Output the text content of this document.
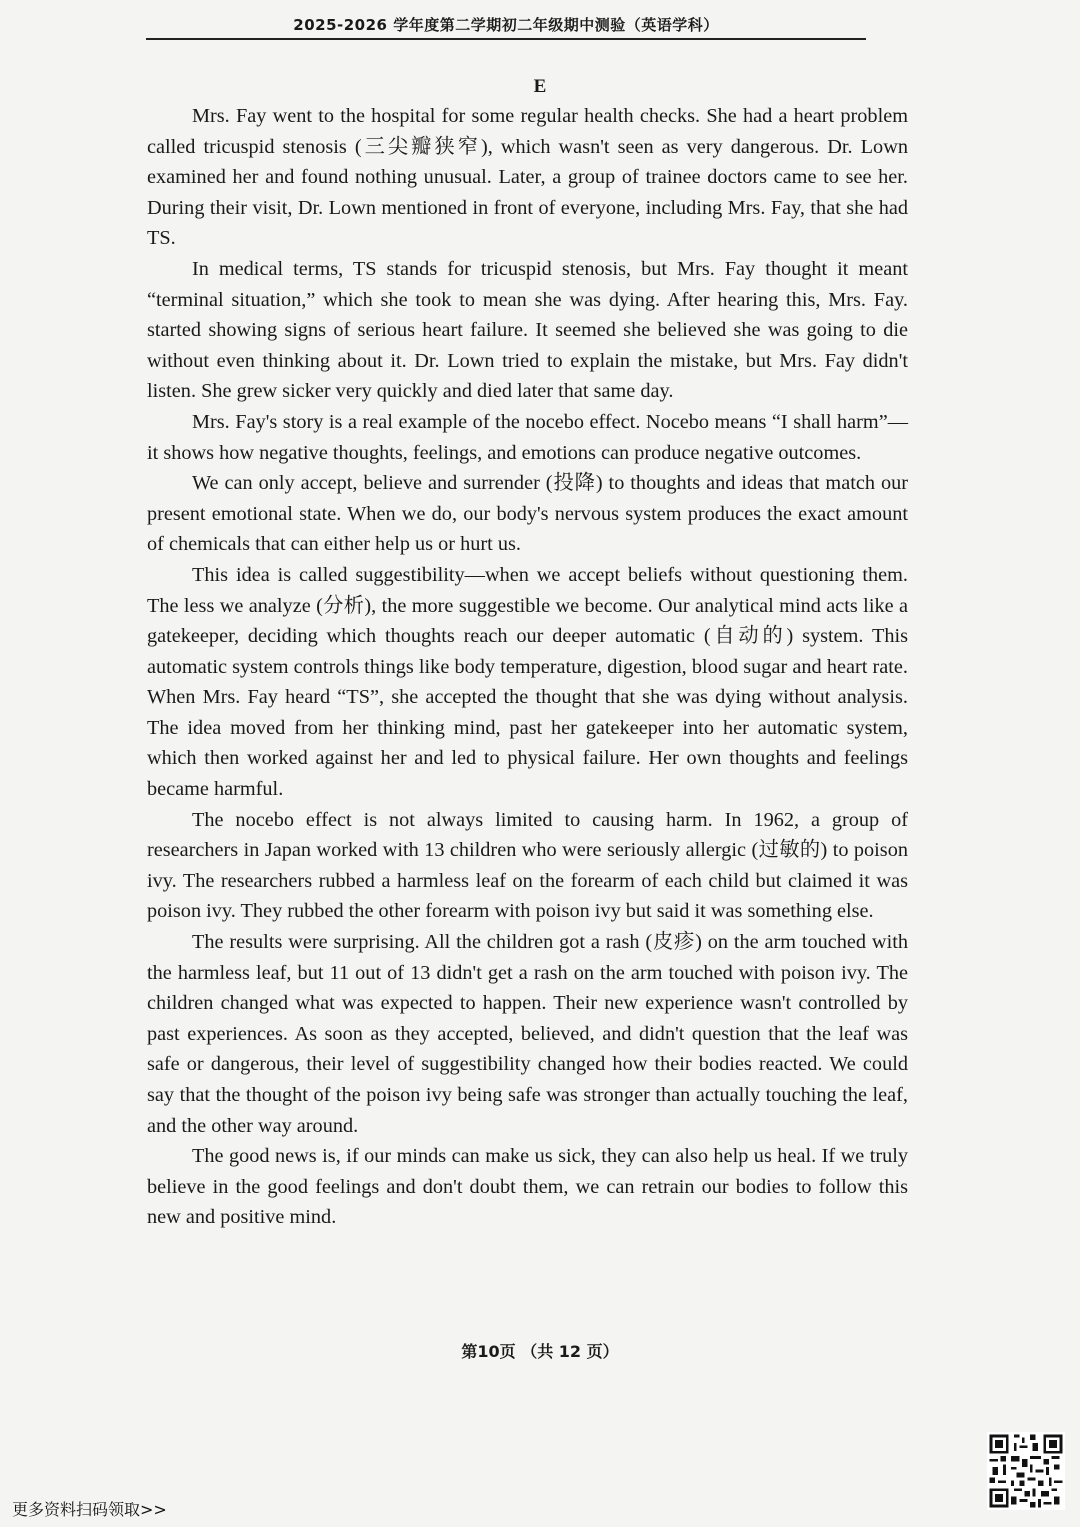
2025-2026 学年度第二学期初二年级期中测验（英语学科）
E

Mrs. Fay went to the hospital for some regular health checks. She had a heart problem called tricuspid stenosis (三尖瓣狭窄), which wasn't seen as very dangerous. Dr. Lown examined her and found nothing unusual. Later, a group of trainee doctors came to see her. During their visit, Dr. Lown mentioned in front of everyone, including Mrs. Fay, that she had TS.

In medical terms, TS stands for tricuspid stenosis, but Mrs. Fay thought it meant “terminal situation,” which she took to mean she was dying. After hearing this, Mrs. Fay. started showing signs of serious heart failure. It seemed she believed she was going to die without even thinking about it. Dr. Lown tried to explain the mistake, but Mrs. Fay didn't listen. She grew sicker very quickly and died later that same day.

Mrs. Fay's story is a real example of the nocebo effect. Nocebo means “I shall harm”—it shows how negative thoughts, feelings, and emotions can produce negative outcomes.

We can only accept, believe and surrender (投降) to thoughts and ideas that match our present emotional state. When we do, our body's nervous system produces the exact amount of chemicals that can either help us or hurt us.

This idea is called suggestibility—when we accept beliefs without questioning them. The less we analyze (分析), the more suggestible we become. Our analytical mind acts like a gatekeeper, deciding which thoughts reach our deeper automatic (自动的) system. This automatic system controls things like body temperature, digestion, blood sugar and heart rate. When Mrs. Fay heard “TS”, she accepted the thought that she was dying without analysis. The idea moved from her thinking mind, past her gatekeeper into her automatic system, which then worked against her and led to physical failure. Her own thoughts and feelings became harmful.

The nocebo effect is not always limited to causing harm. In 1962, a group of researchers in Japan worked with 13 children who were seriously allergic (过敏的) to poison ivy. The researchers rubbed a harmless leaf on the forearm of each child but claimed it was poison ivy. They rubbed the other forearm with poison ivy but said it was something else.

The results were surprising. All the children got a rash (皮疹) on the arm touched with the harmless leaf, but 11 out of 13 didn't get a rash on the arm touched with poison ivy. The children changed what was expected to happen. Their new experience wasn't controlled by past experiences. As soon as they accepted, believed, and didn't question that the leaf was safe or dangerous, their level of suggestibility changed how their bodies reacted. We could say that the thought of the poison ivy being safe was stronger than actually touching the leaf, and the other way around.

The good news is, if our minds can make us sick, they can also help us heal. If we truly believe in the good feelings and don't doubt them, we can retrain our bodies to follow this new and positive mind.

第10页 （共 12 页）
更多资料扫码领取>>
